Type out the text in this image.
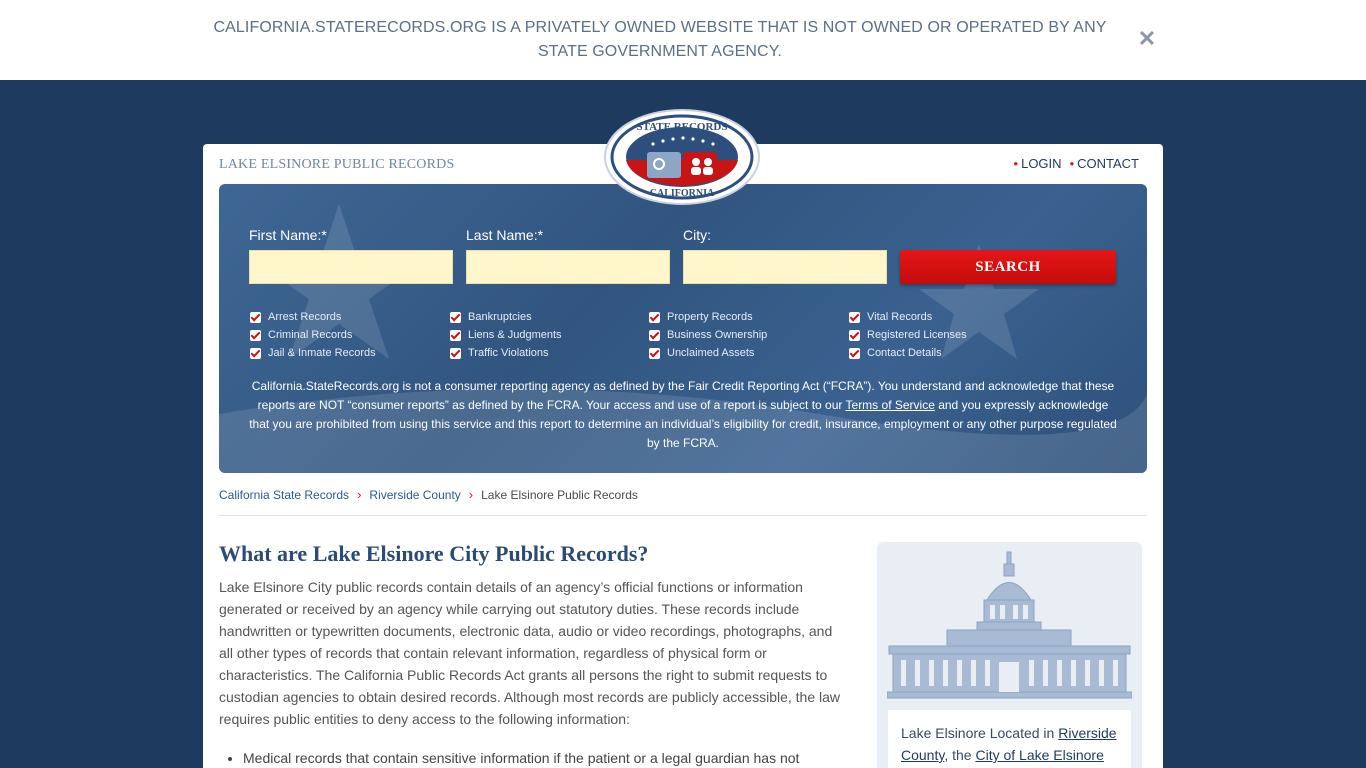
CALIFORNIA.STATERECORDS.ORG IS A PRIVATELY OWNED WEBSITE THAT IS NOT OWNED OR OPERATED BY ANY STATE GOVERNMENT AGENCY.
✕
LAKE ELSINORE PUBLIC RECORDS	• LOGIN • CONTACT
First Name:*	Last Name:*	City:
SEARCH
Arrest Records
Criminal Records
Jail & Inmate Records
Bankruptcies
Liens & Judgments
Traffic Violations
Property Records
Business Ownership
Unclaimed Assets
Vital Records
Registered Licenses
Contact Details
California.StateRecords.org is not a consumer reporting agency as defined by the Fair Credit Reporting Act (“FCRA”). You understand and acknowledge that these reports are NOT “consumer reports” as defined by the FCRA. Your access and use of a report is subject to our Terms of Service and you expressly acknowledge that you are prohibited from using this service and this report to determine an individual’s eligibility for credit, insurance, employment or any other purpose regulated by the FCRA.
California State Records › Riverside County › Lake Elsinore Public Records
What are Lake Elsinore City Public Records?

Lake Elsinore City public records contain details of an agency’s official functions or information generated or received by an agency while carrying out statutory duties. These records include handwritten or typewritten documents, electronic data, audio or video recordings, photographs, and all other types of records that contain relevant information, regardless of physical form or characteristics. The California Public Records Act grants all persons the right to submit requests to custodian agencies to obtain desired records. Although most records are publicly accessible, the law requires public entities to deny access to the following information:

• Medical records that contain sensitive information if the patient or a legal guardian has not
Lake Elsinore Located in Riverside County, the City of Lake Elsinore
STATE RECORDS
CALIFORNIA
